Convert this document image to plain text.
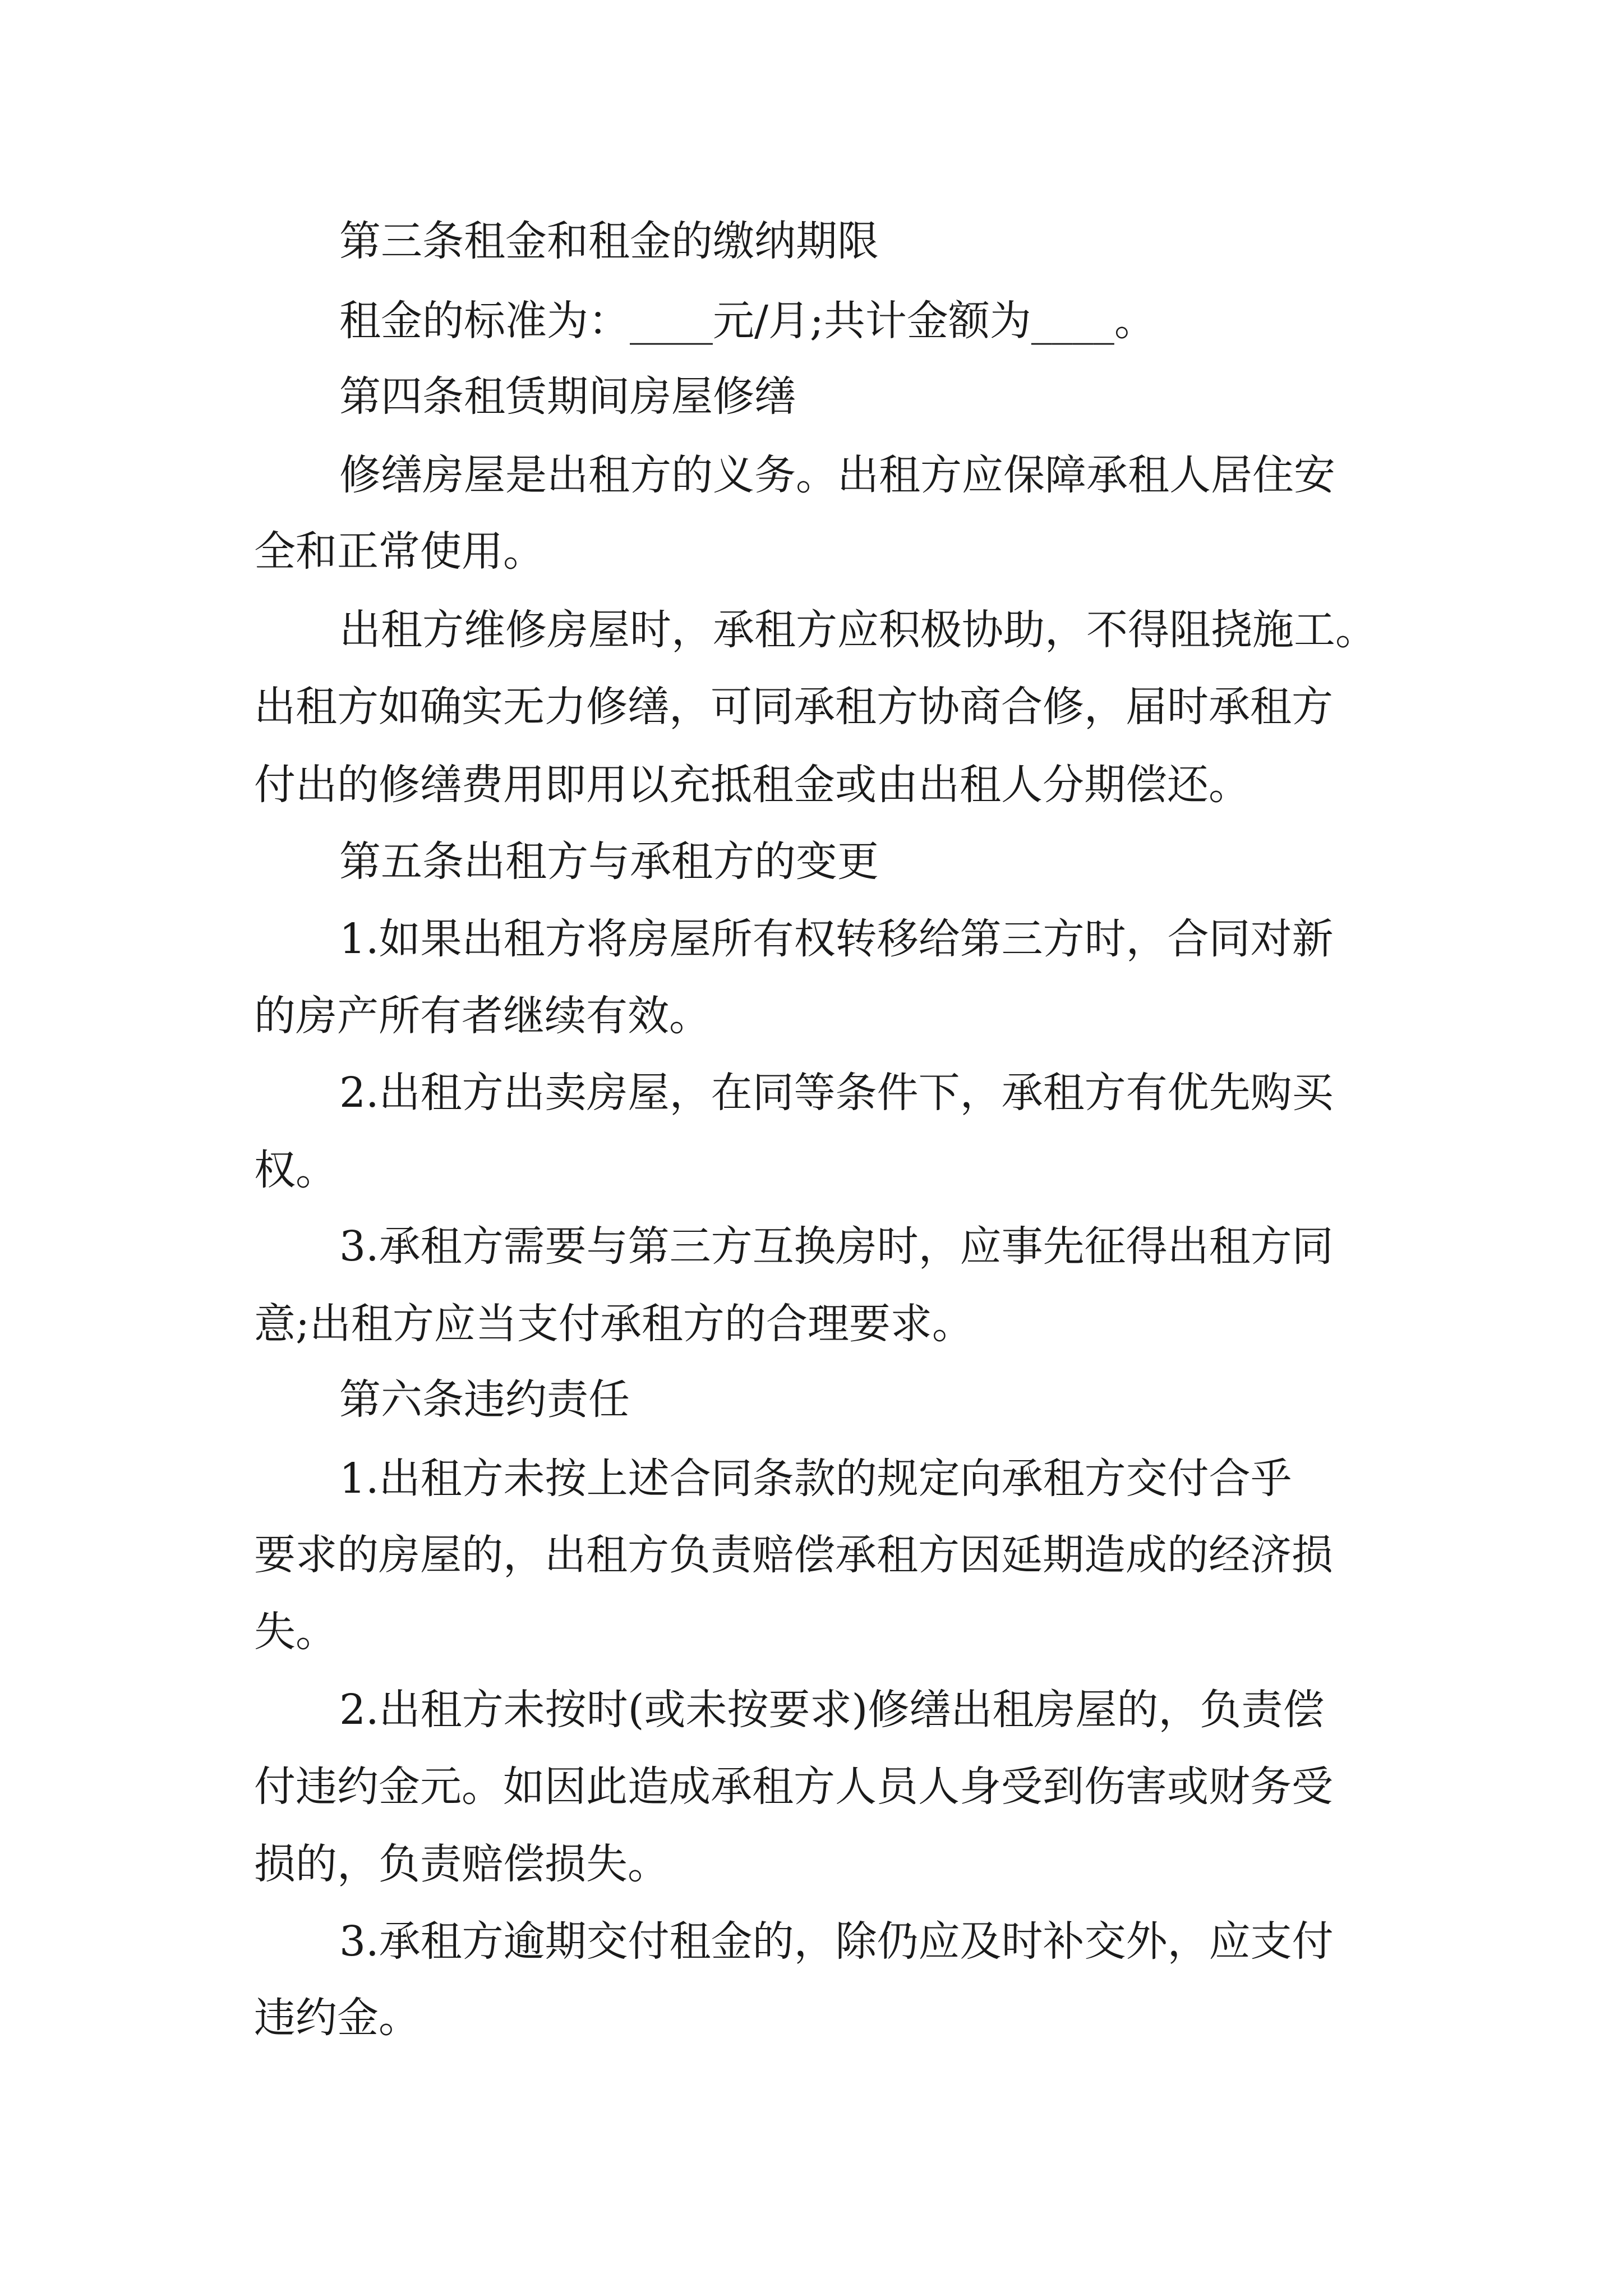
第三条租金和租金的缴纳期限

租金的标准为：____元/月;共计金额为____。

第四条租赁期间房屋修缮

修缮房屋是出租方的义务。出租方应保障承租人居住安

全和正常使用。

出租方维修房屋时，承租方应积极协助，不得阻挠施工。

出租方如确实无力修缮，可同承租方协商合修，届时承租方

付出的修缮费用即用以充抵租金或由出租人分期偿还。

第五条出租方与承租方的变更

1.如果出租方将房屋所有权转移给第三方时，合同对新

的房产所有者继续有效。

2.出租方出卖房屋，在同等条件下，承租方有优先购买

权。

3.承租方需要与第三方互换房时，应事先征得出租方同

意;出租方应当支付承租方的合理要求。

第六条违约责任

1.出租方未按上述合同条款的规定向承租方交付合乎

要求的房屋的，出租方负责赔偿承租方因延期造成的经济损

失。

2.出租方未按时(或未按要求)修缮出租房屋的，负责偿

付违约金元。如因此造成承租方人员人身受到伤害或财务受

损的，负责赔偿损失。

3.承租方逾期交付租金的，除仍应及时补交外，应支付

违约金。
